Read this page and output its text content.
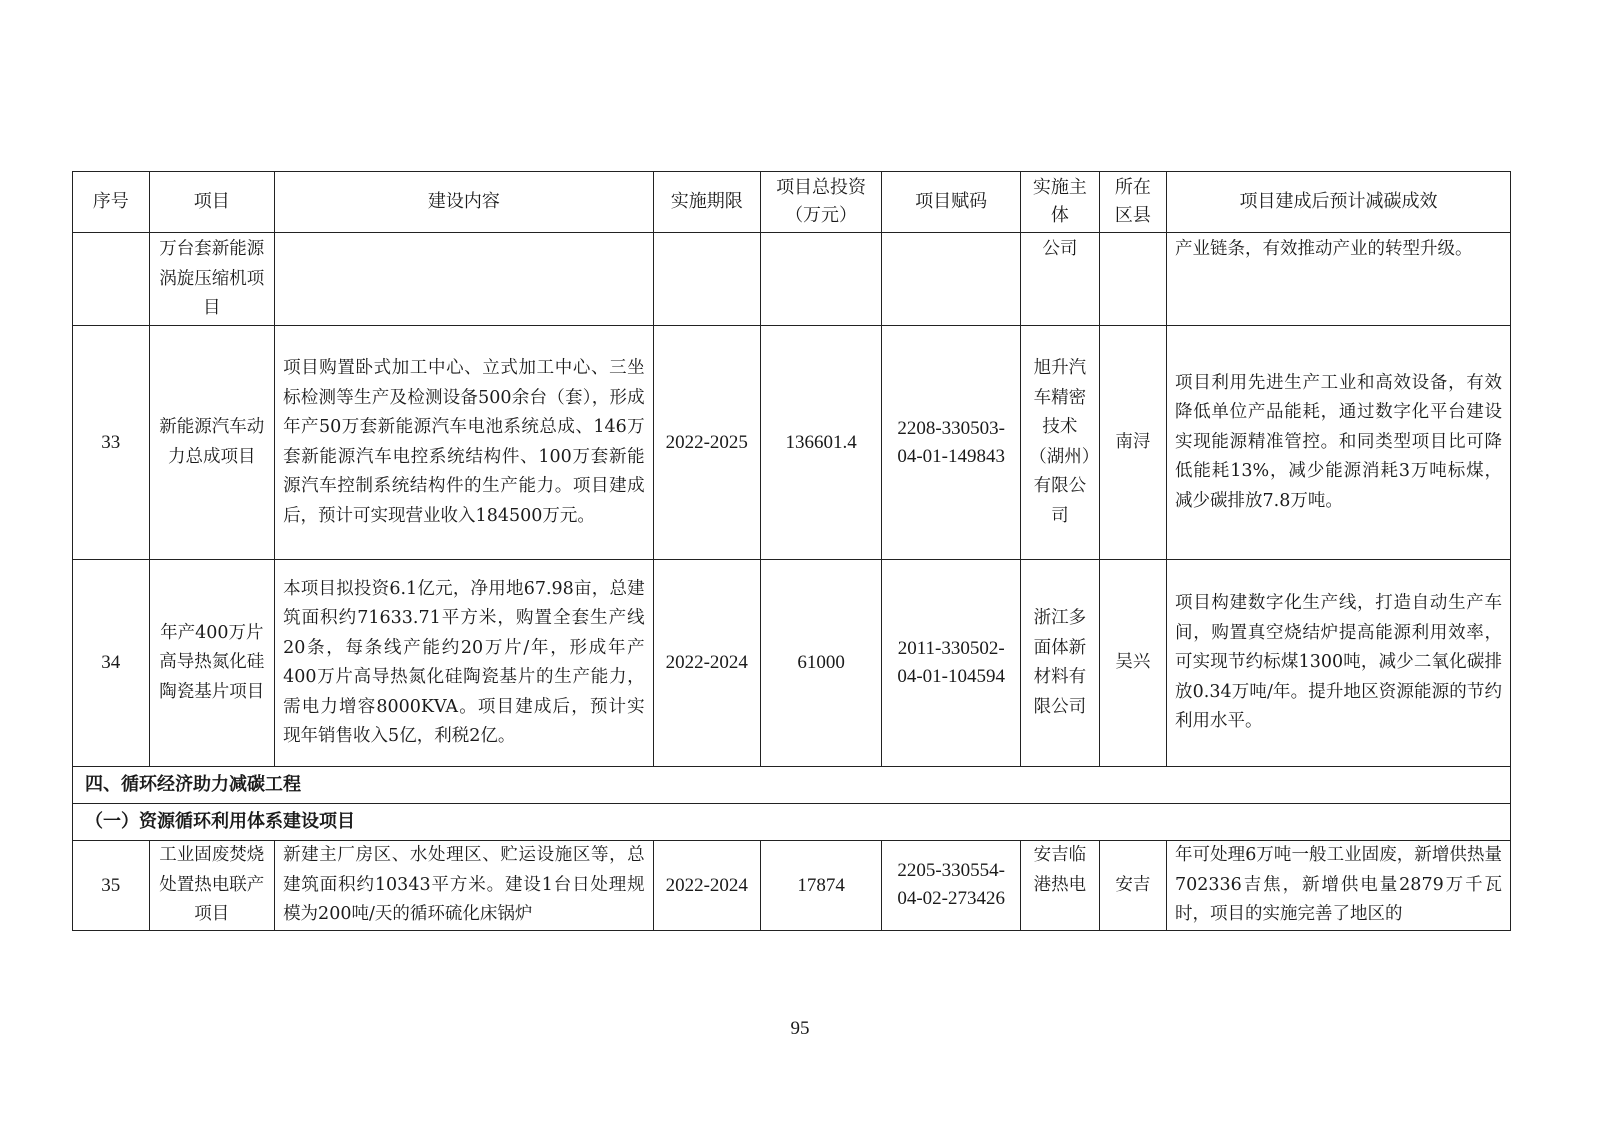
序号	项目	建设内容	实施期限	项目总投资（万元）	项目赋码	实施主体	所在区县	项目建成后预计减碳成效
	万台套新能源涡旋压缩机项目					公司		产业链条，有效推动产业的转型升级。
33	新能源汽车动力总成项目	项目购置卧式加工中心、立式加工中心、三坐标检测等生产及检测设备500余台（套），形成年产50万套新能源汽车电池系统总成、146万套新能源汽车电控系统结构件、100万套新能源汽车控制系统结构件的生产能力。项目建成后，预计可实现营业收入184500万元。	2022-2025	136601.4	2208-330503-04-01-149843	旭升汽车精密技术（湖州）有限公司	南浔	项目利用先进生产工业和高效设备，有效降低单位产品能耗，通过数字化平台建设实现能源精准管控。和同类型项目比可降低能耗13%，减少能源消耗3万吨标煤，减少碳排放7.8万吨。
34	年产400万片高导热氮化硅陶瓷基片项目	本项目拟投资6.1亿元，净用地67.98亩，总建筑面积约71633.71平方米，购置全套生产线20条，每条线产能约20万片/年，形成年产400万片高导热氮化硅陶瓷基片的生产能力，需电力增容8000KVA。项目建成后，预计实现年销售收入5亿，利税2亿。	2022-2024	61000	2011-330502-04-01-104594	浙江多面体新材料有限公司	吴兴	项目构建数字化生产线，打造自动生产车间，购置真空烧结炉提高能源利用效率，可实现节约标煤1300吨，减少二氧化碳排放0.34万吨/年。提升地区资源能源的节约利用水平。
四、循环经济助力减碳工程								
（一）资源循环利用体系建设项目								
35	工业固废焚烧处置热电联产项目	新建主厂房区、水处理区、贮运设施区等，总建筑面积约10343平方米。建设1台日处理规模为200吨/天的循环硫化床锅炉	2022-2024	17874	2205-330554-04-02-273426	安吉临港热电	安吉	年可处理6万吨一般工业固废，新增供热量702336吉焦，新增供电量2879万千瓦时，项目的实施完善了地区的
95
